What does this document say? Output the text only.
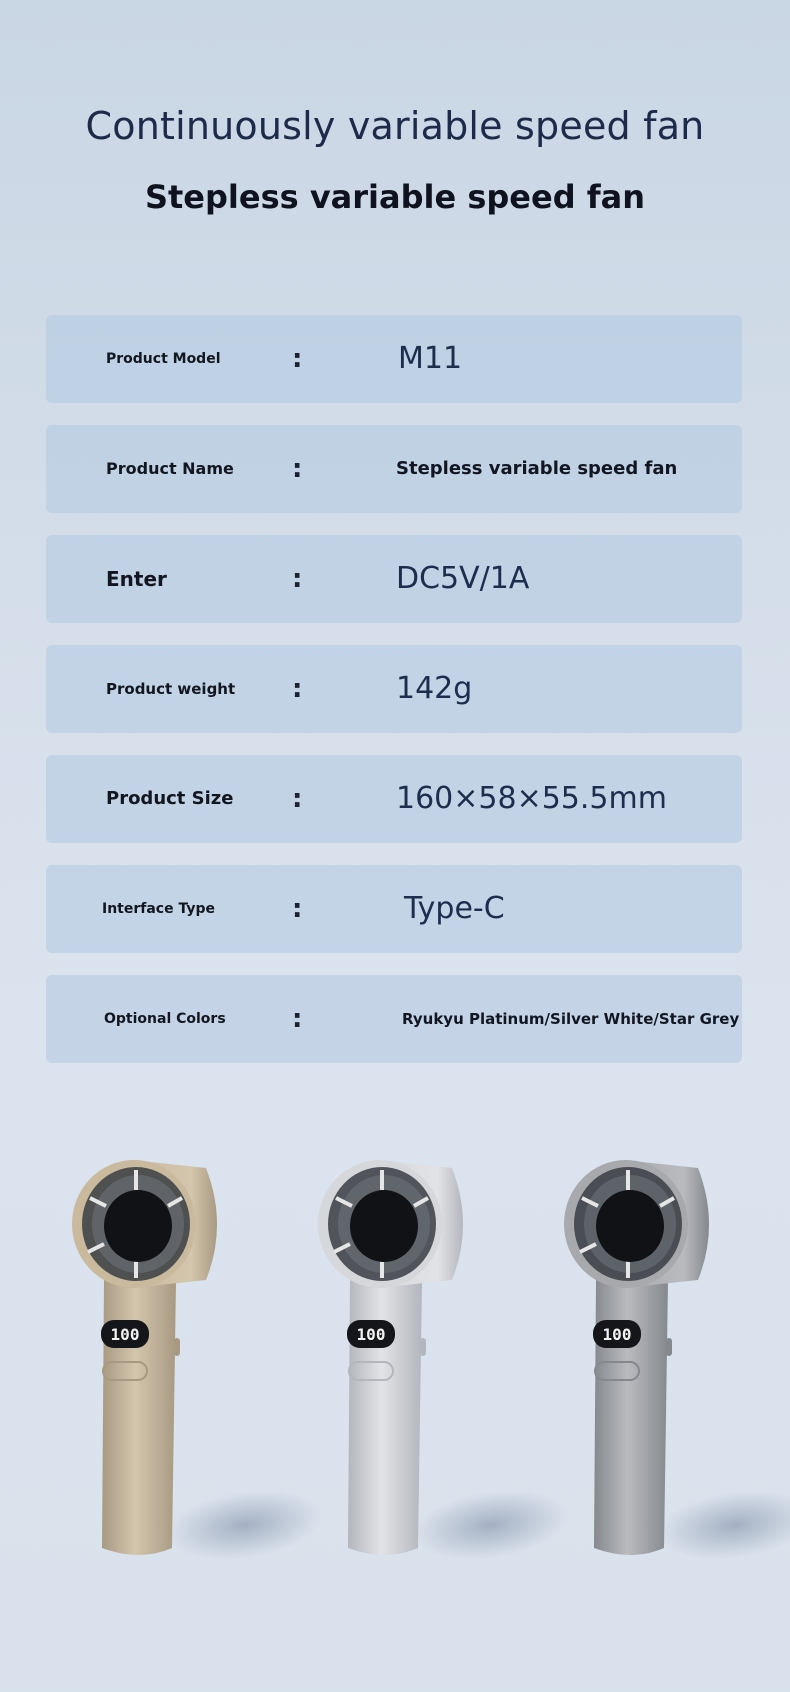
Continuously variable speed fan
Stepless variable speed fan
Product Model	:	M11
Product Name :	Stepless variable speed fan
Enter	:	DC5V/1A
Product weight :	142g
Product Size :	160×58×55.5mm
Interface Type	:	Type-C
Optional Colors	:	Ryukyu Platinum/Silver White/Star Grey
100	100	100
